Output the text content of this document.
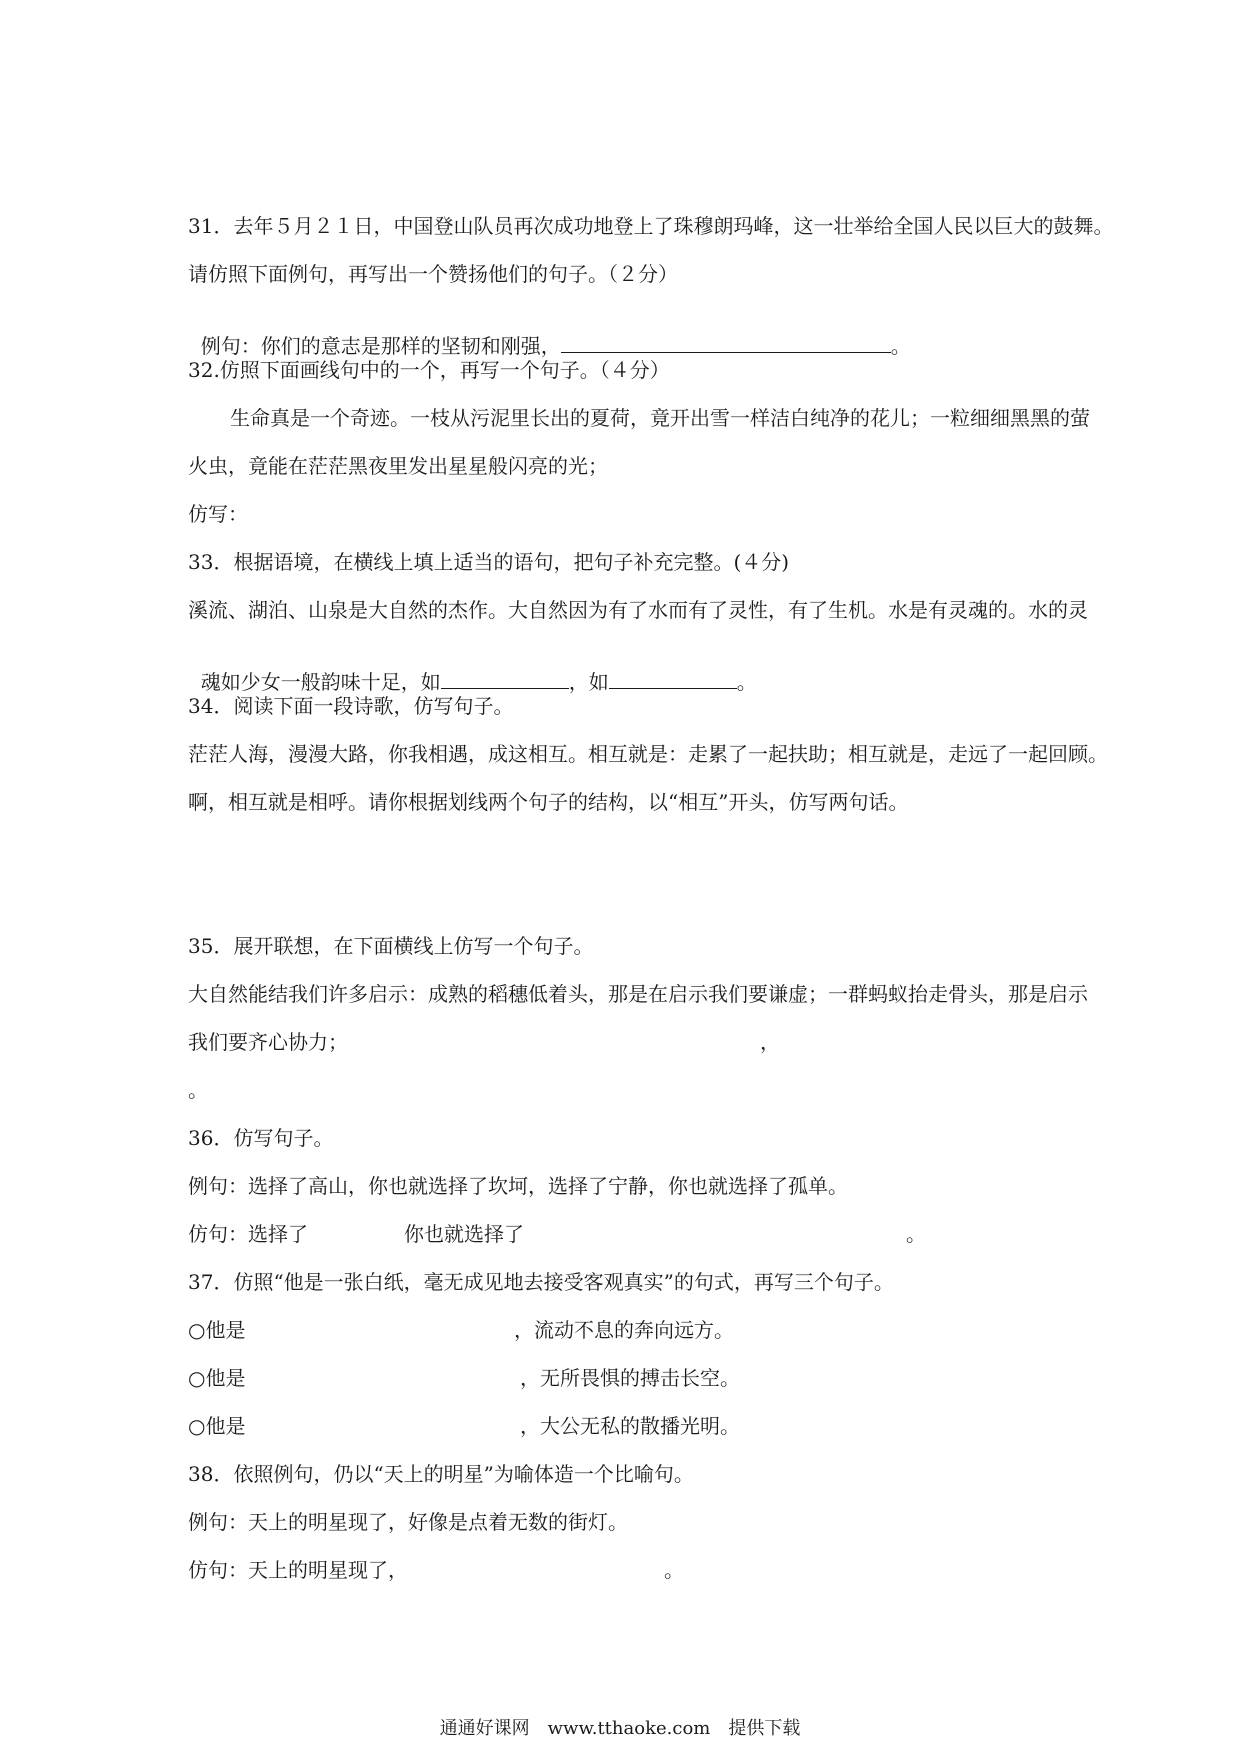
31．去年５月２１日，中国登山队员再次成功地登上了珠穆朗玛峰，这一壮举给全国人民以巨大的鼓舞。
请仿照下面例句，再写出一个赞扬他们的句子。（２分）

例句：你们的意志是那样的坚韧和刚强，	。

32.仿照下面画线句中的一个，再写一个句子。（４分）
生命真是一个奇迹。一枝从污泥里长出的夏荷，竟开出雪一样洁白纯净的花儿；一粒细细黑黑的萤
火虫，竟能在茫茫黑夜里发出星星般闪亮的光；
仿写：
33．根据语境，在横线上填上适当的语句，把句子补充完整。(４分)
溪流、湖泊、山泉是大自然的杰作。大自然因为有了水而有了灵性，有了生机。水是有灵魂的。水的灵

魂如少女一般韵味十足，如	，如	。

34．阅读下面一段诗歌，仿写句子。
茫茫人海，漫漫大路，你我相遇，成这相互。相互就是：走累了一起扶助；相互就是，走远了一起回顾。
啊，相互就是相呼。请你根据划线两个句子的结构，以“相互”开头，仿写两句话。
35．展开联想，在下面横线上仿写一个句子。
大自然能结我们许多启示：成熟的稻穗低着头，那是在启示我们要谦虚；一群蚂蚁抬走骨头，那是启示
我们要齐心协力；	，
。
36．仿写句子。
例句：选择了高山，你也就选择了坎坷，选择了宁静，你也就选择了孤单。
仿句：选择了	你也就选择了	。
37．仿照“他是一张白纸，毫无成见地去接受客观真实”的句式，再写三个句子。
○他是	，流动不息的奔向远方。
○他是	，无所畏惧的搏击长空。
○他是	，大公无私的散播光明。
38．依照例句，仍以“天上的明星”为喻体造一个比喻句。
例句：天上的明星现了，好像是点着无数的街灯。
仿句：天上的明星现了，	。
通通好课网　www.tthaoke.com　提供下载
